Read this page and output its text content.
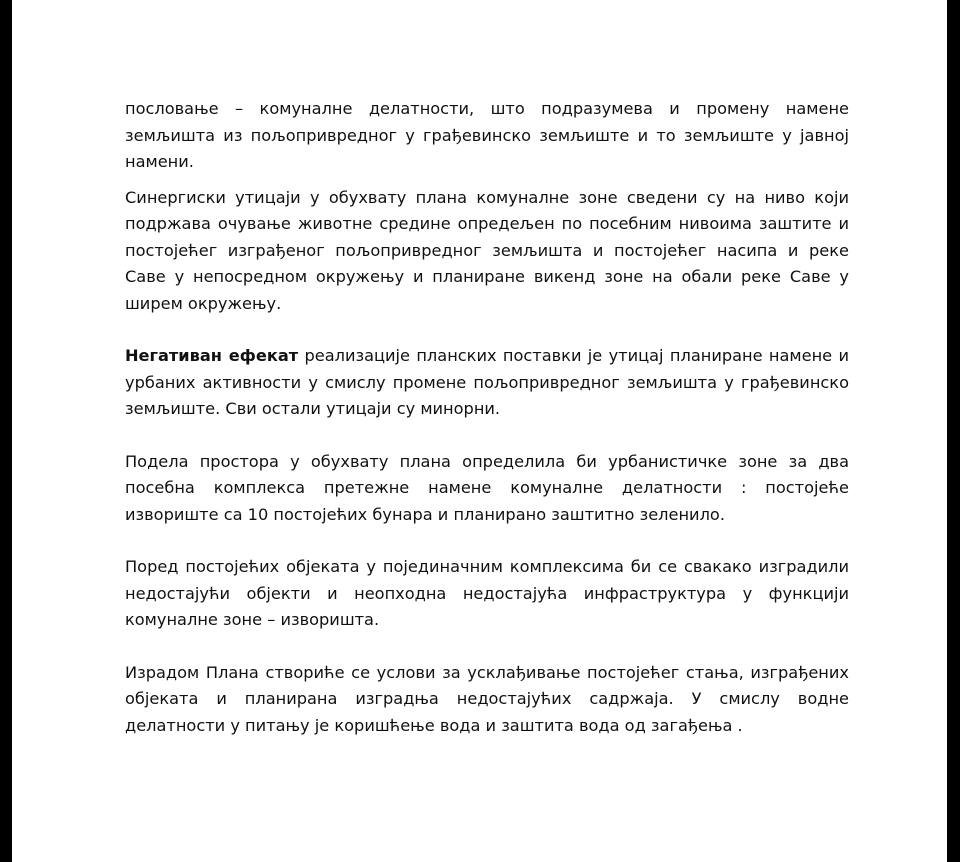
пословање – комуналне делатности, што подразумева и промену намене земљишта из пољопривредног у грађевинско земљиште и то земљиште у јавној намени.

Синергиски утицаји у обухвату плана комуналне зоне сведени су на ниво који подржава очување животне средине опредељен по посебним нивоима заштите и постојећег изграђеног пољопривредног земљишта и постојећег насипа и реке Саве у непосредном окружењу и планиране викенд зоне на обали реке Саве у ширем окружењу.

Негативан ефекат реализације планских поставки је утицај планиране намене и урбаних активности у смислу промене пољопривредног земљишта у грађевинско земљиште. Сви остали утицаји су минорни.

Подела простора у обухвату плана определила би урбанистичке зоне за два посебна комплекса претежне намене комуналне делатности : постојеће извориште са 10 постојећих бунара и планирано заштитно зеленило.

Поред постојећих објеката у појединачним комплексима би се свакако изградили недостајући објекти и неопходна недостајућа инфраструктура у функцији комуналне зоне – изворишта.

Израдом Плана створиће се услови за усклађивање постојећег стања, изграђених објеката и планирана изградња недостајућих садржаја. У смислу водне делатности у питању је коришћење вода и заштита вода од загађења .
